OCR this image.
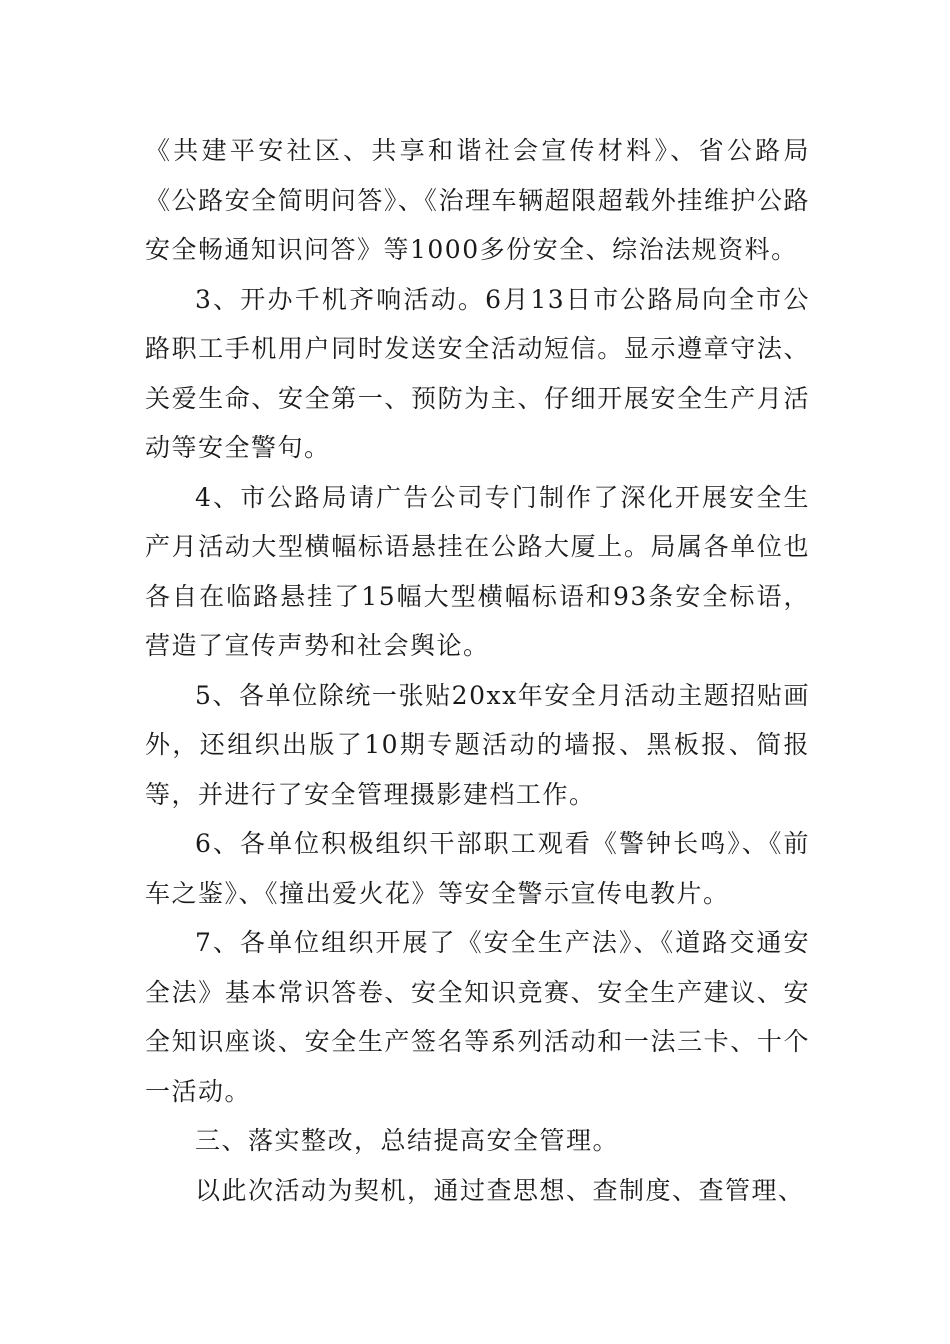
《共建平安社区、共享和谐社会宣传材料》、省公路局《公路安全简明问答》、《治理车辆超限超载外挂维护公路安全畅通知识问答》等1000多份安全、综治法规资料。

3、开办千机齐响活动。6月13日市公路局向全市公路职工手机用户同时发送安全活动短信。显示遵章守法、关爱生命、安全第一、预防为主、仔细开展安全生产月活动等安全警句。

4、市公路局请广告公司专门制作了深化开展安全生产月活动大型横幅标语悬挂在公路大厦上。局属各单位也各自在临路悬挂了15幅大型横幅标语和93条安全标语，营造了宣传声势和社会舆论。

5、各单位除统一张贴20xx年安全月活动主题招贴画外，还组织出版了10期专题活动的墙报、黑板报、简报等，并进行了安全管理摄影建档工作。

6、各单位积极组织干部职工观看《警钟长鸣》、《前车之鉴》、《撞出爱火花》等安全警示宣传电教片。

7、各单位组织开展了《安全生产法》、《道路交通安全法》基本常识答卷、安全知识竞赛、安全生产建议、安全知识座谈、安全生产签名等系列活动和一法三卡、十个一活动。

三、落实整改，总结提高安全管理。

以此次活动为契机，通过查思想、查制度、查管理、
